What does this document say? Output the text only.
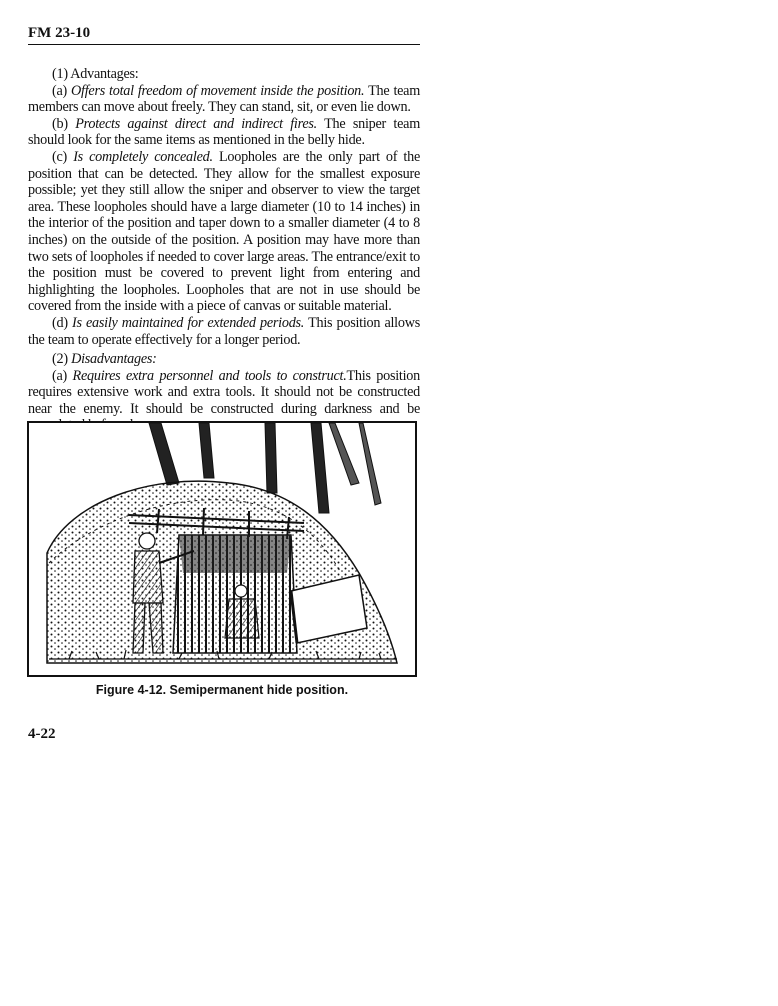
FM 23-10

(1) Advantages:

(a) Offers total freedom of movement inside the position. The team members can move about freely. They can stand, sit, or even lie down.

(b) Protects against direct and indirect fires. The sniper team should look for the same items as mentioned in the belly hide.

(c) Is completely concealed. Loopholes are the only part of the position that can be detected. They allow for the smallest exposure possible; yet they still allow the sniper and observer to view the target area. These loopholes should have a large diameter (10 to 14 inches) in the interior of the position and taper down to a smaller diameter (4 to 8 inches) on the outside of the position. A position may have more than two sets of loopholes if needed to cover large areas. The entrance/exit to the position must be covered to prevent light from entering and highlighting the loopholes. Loopholes that are not in use should be covered from the inside with a piece of canvas or suitable material.

(d) Is easily maintained for extended periods. This position allows the team to operate effectively for a longer period.

(2) Disadvantages:

(a) Requires extra personnel and tools to construct.This position requires extensive work and extra tools. It should not be constructed near the enemy. It should be constructed during darkness and be

Figure 4-12. Semipermanent hide position.
4-22
